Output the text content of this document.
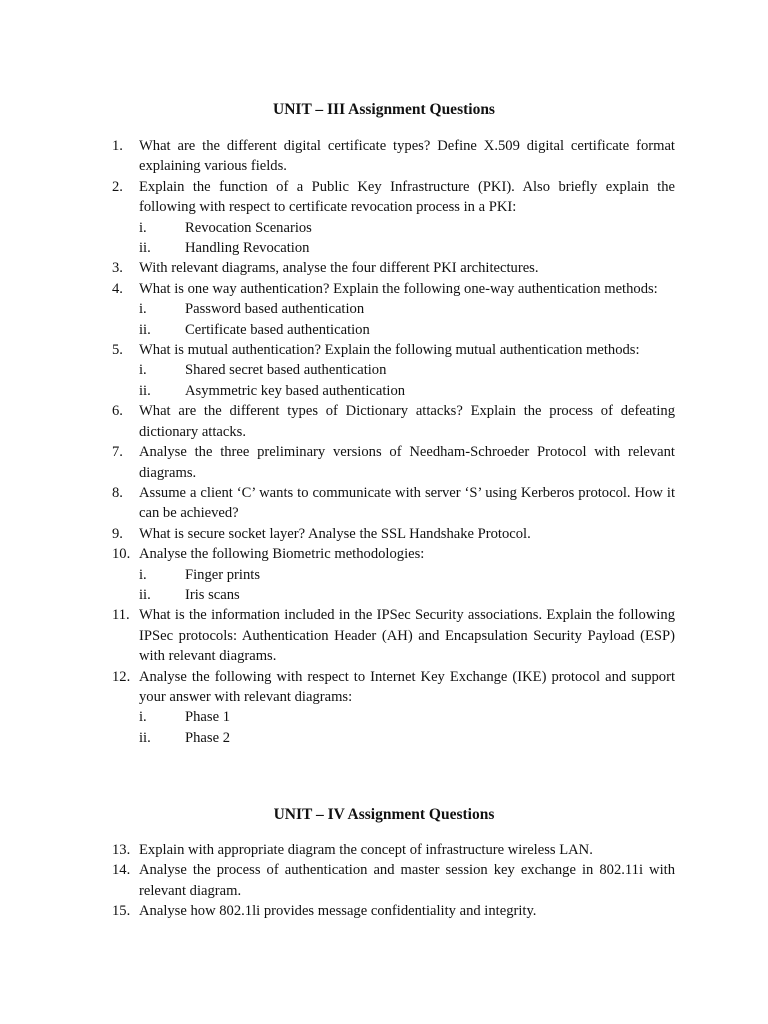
UNIT – III Assignment Questions
1. What are the different digital certificate types? Define X.509 digital certificate format explaining various fields.
2. Explain the function of a Public Key Infrastructure (PKI). Also briefly explain the following with respect to certificate revocation process in a PKI:
i.	Revocation Scenarios
ii. Handling Revocation
3. With relevant diagrams, analyse the four different PKI architectures.
4. What is one way authentication? Explain the following one-way authentication methods:
i.	Password based authentication
ii. Certificate based authentication
5. What is mutual authentication? Explain the following mutual authentication methods:
i.	Shared secret based authentication
ii. Asymmetric key based authentication
6. What are the different types of Dictionary attacks? Explain the process of defeating dictionary attacks.
7. Analyse the three preliminary versions of Needham-Schroeder Protocol with relevant diagrams.
8. Assume a client ‘C’ wants to communicate with server ‘S’ using Kerberos protocol. How it can be achieved?
9. What is secure socket layer? Analyse the SSL Handshake Protocol.
10. Analyse the following Biometric methodologies:
i.	Finger prints
ii. Iris scans
11. What is the information included in the IPSec Security associations. Explain the following IPSec protocols: Authentication Header (AH) and Encapsulation Security Payload (ESP) with relevant diagrams.
12. Analyse the following with respect to Internet Key Exchange (IKE) protocol and support your answer with relevant diagrams:
i.	Phase 1
ii. Phase 2
UNIT – IV Assignment Questions
13. Explain with appropriate diagram the concept of infrastructure wireless LAN.
14. Analyse the process of authentication and master session key exchange in 802.11i with relevant diagram.
15. Analyse how 802.1li provides message confidentiality and integrity.
